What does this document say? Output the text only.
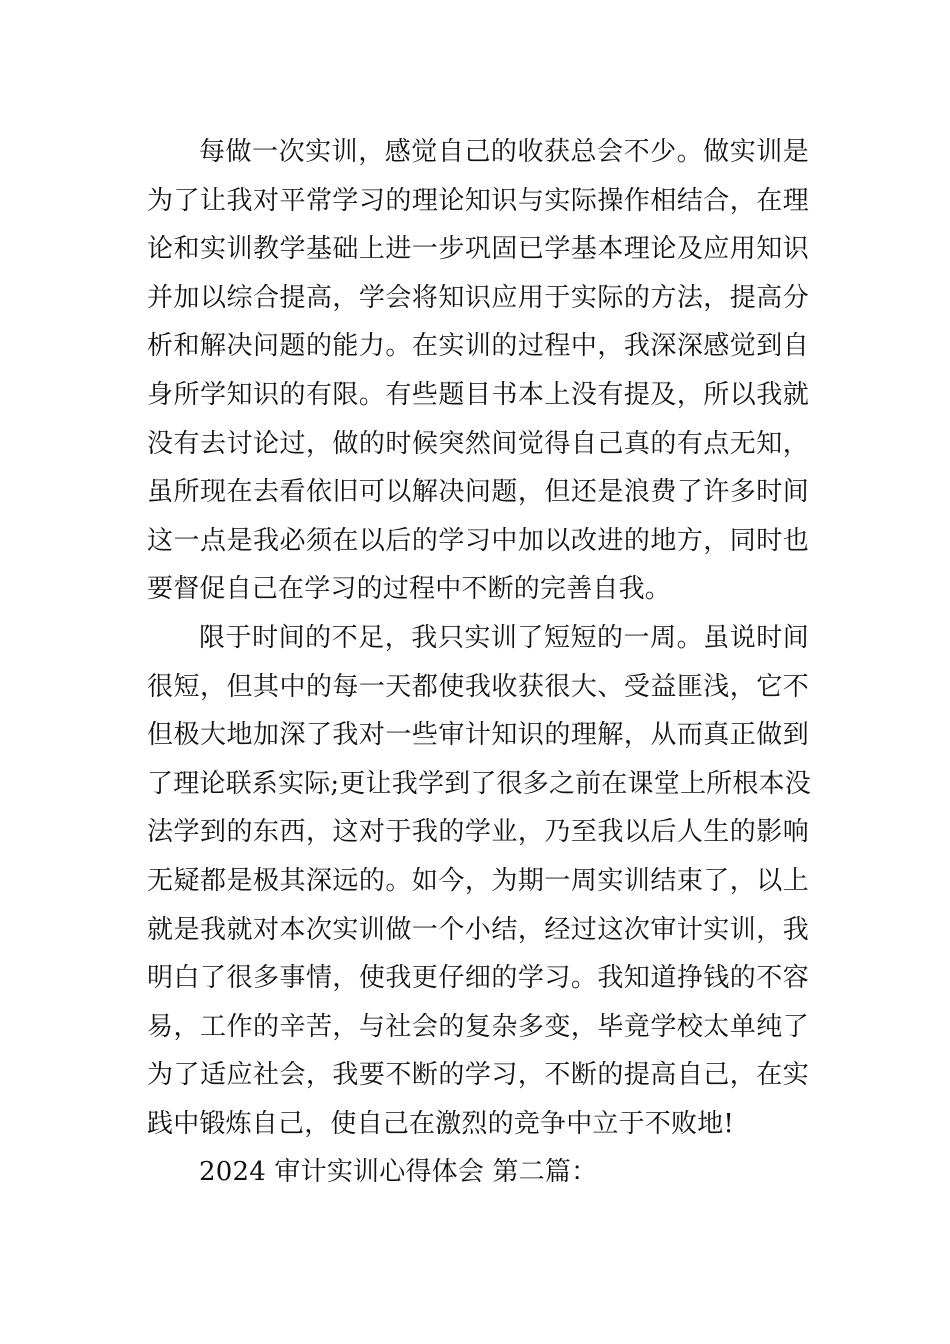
每做一次实训，感觉自己的收获总会不少。做实训是
为了让我对平常学习的理论知识与实际操作相结合，在理
论和实训教学基础上进一步巩固已学基本理论及应用知识
并加以综合提高，学会将知识应用于实际的方法，提高分
析和解决问题的能力。在实训的过程中，我深深感觉到自
身所学知识的有限。有些题目书本上没有提及，所以我就
没有去讨论过，做的时候突然间觉得自己真的有点无知，
虽所现在去看依旧可以解决问题，但还是浪费了许多时间
这一点是我必须在以后的学习中加以改进的地方，同时也
要督促自己在学习的过程中不断的完善自我。
限于时间的不足，我只实训了短短的一周。虽说时间
很短，但其中的每一天都使我收获很大、受益匪浅，它不
但极大地加深了我对一些审计知识的理解，从而真正做到
了理论联系实际;更让我学到了很多之前在课堂上所根本没
法学到的东西，这对于我的学业，乃至我以后人生的影响
无疑都是极其深远的。如今，为期一周实训结束了，以上
就是我就对本次实训做一个小结，经过这次审计实训，我
明白了很多事情，使我更仔细的学习。我知道挣钱的不容
易，工作的辛苦，与社会的复杂多变，毕竟学校太单纯了
为了适应社会，我要不断的学习，不断的提高自己，在实
践中锻炼自己，使自己在激烈的竞争中立于不败地!
2024 审计实训心得体会 第二篇：
